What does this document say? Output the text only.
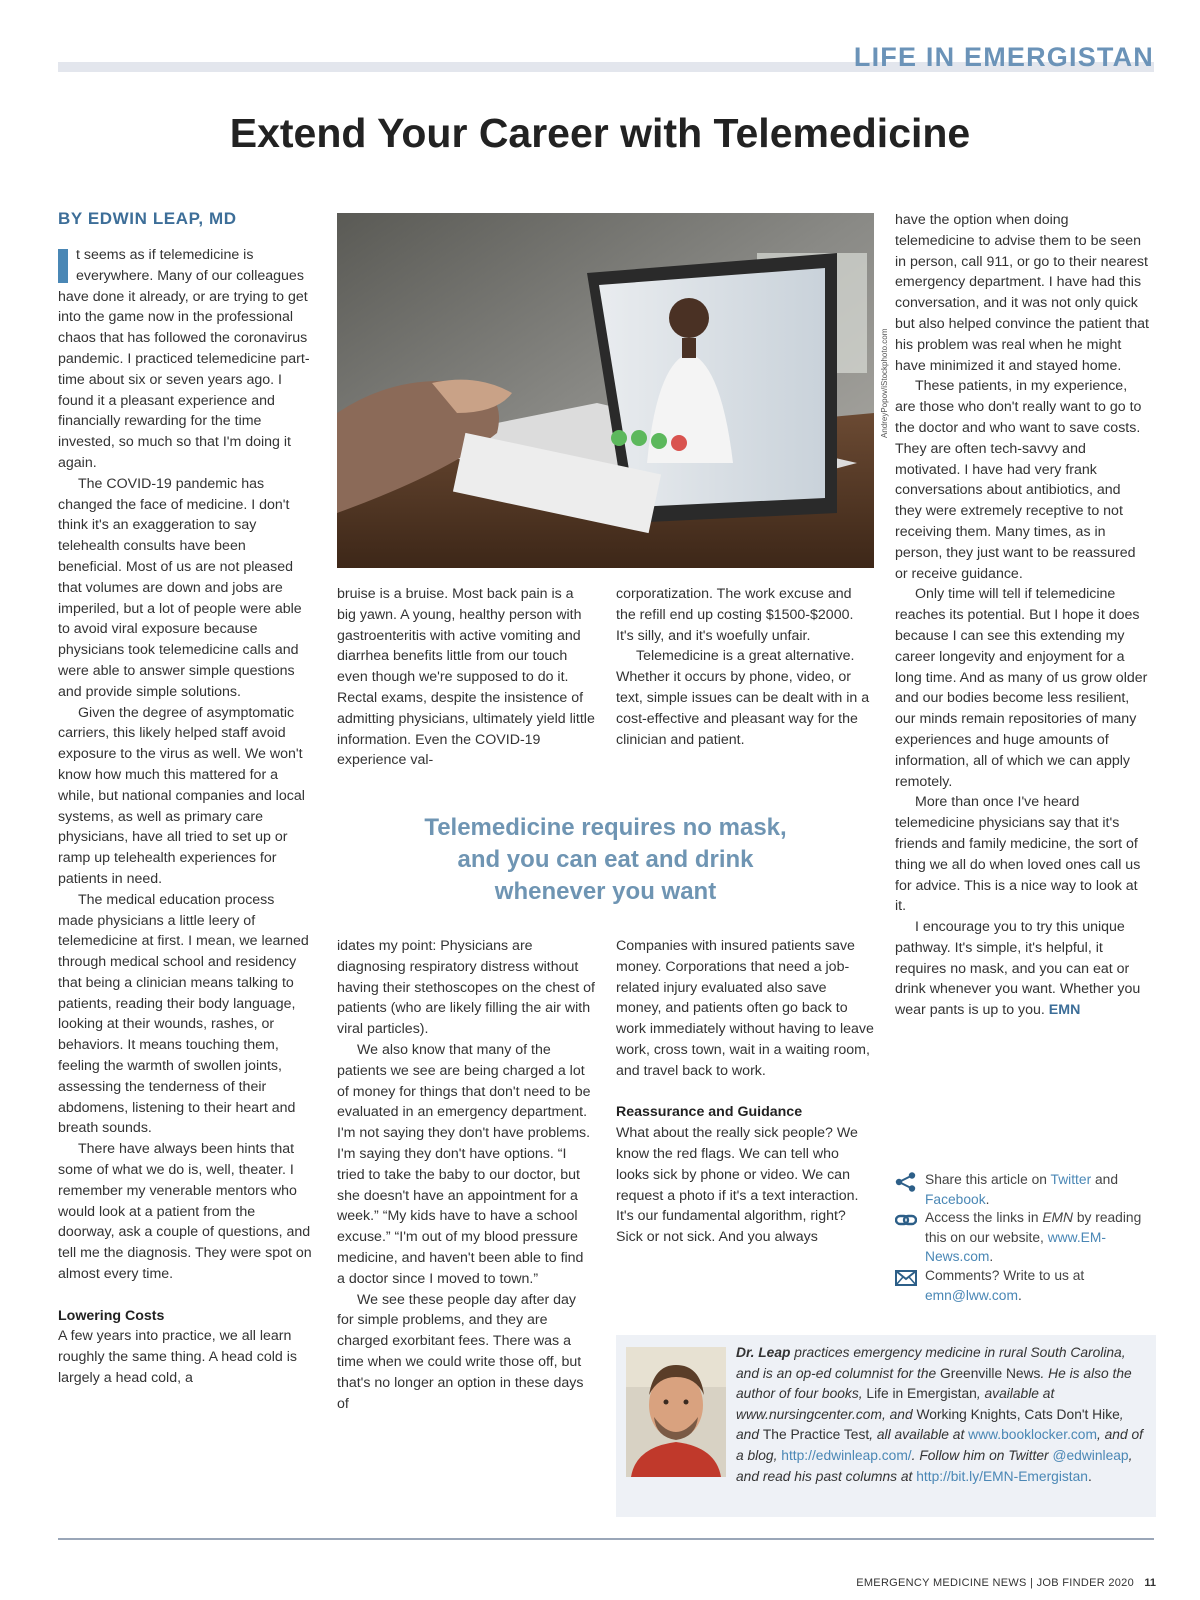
LIFE IN EMERGISTAN
Extend Your Career with Telemedicine
BY EDWIN LEAP, MD

t seems as if telemedicine is everywhere. Many of our colleagues have done it already, or are trying to get into the game now in the professional chaos that has followed the coronavirus pandemic. I practiced telemedicine part-time about six or seven years ago. I found it a pleasant experience and financially rewarding for the time invested, so much so that I'm doing it again.

The COVID-19 pandemic has changed the face of medicine. I don't think it's an exaggeration to say telehealth consults have been beneficial. Most of us are not pleased that volumes are down and jobs are imperiled, but a lot of people were able to avoid viral exposure because physicians took telemedicine calls and were able to answer simple questions and provide simple solutions.

Given the degree of asymptomatic carriers, this likely helped staff avoid exposure to the virus as well. We won't know how much this mattered for a while, but national companies and local systems, as well as primary care physicians, have all tried to set up or ramp up telehealth experiences for patients in need.

The medical education process made physicians a little leery of telemedicine at first. I mean, we learned through medical school and residency that being a clinician means talking to patients, reading their body language, looking at their wounds, rashes, or behaviors. It means touching them, feeling the warmth of swollen joints, assessing the tenderness of their abdomens, listening to their heart and breath sounds.

There have always been hints that some of what we do is, well, theater. I remember my venerable mentors who would look at a patient from the doorway, ask a couple of questions, and tell me the diagnosis. They were spot on almost every time.

Lowering Costs

A few years into practice, we all learn roughly the same thing. A head cold is largely a head cold, a

AndreyPopov/iStockphoto.com

bruise is a bruise. Most back pain is a big yawn. A young, healthy person with gastroenteritis with active vomiting and diarrhea benefits little from our touch even though we're supposed to do it. Rectal exams, despite the insistence of admitting physicians, ultimately yield little information. Even the COVID-19 experience val-

corporatization. The work excuse and the refill end up costing $1500-$2000. It's silly, and it's woefully unfair.

Telemedicine is a great alternative. Whether it occurs by phone, video, or text, simple issues can be dealt with in a cost-effective and pleasant way for the clinician and patient.

Telemedicine requires no mask,
and you can eat and drink
whenever you want

idates my point: Physicians are diagnosing respiratory distress without having their stethoscopes on the chest of patients (who are likely filling the air with viral particles).

We also know that many of the patients we see are being charged a lot of money for things that don't need to be evaluated in an emergency department. I'm not saying they don't have problems. I'm saying they don't have options. “I tried to take the baby to our doctor, but she doesn't have an appointment for a week.” “My kids have to have a school excuse.” “I'm out of my blood pressure medicine, and haven't been able to find a doctor since I moved to town.”

We see these people day after day for simple problems, and they are charged exorbitant fees. There was a time when we could write those off, but that's no longer an option in these days of

Companies with insured patients save money. Corporations that need a job-related injury evaluated also save money, and patients often go back to work immediately without having to leave work, cross town, wait in a waiting room, and travel back to work.

Reassurance and Guidance

What about the really sick people? We know the red flags. We can tell who looks sick by phone or video. We can request a photo if it's a text interaction. It's our fundamental algorithm, right? Sick or not sick. And you always

have the option when doing telemedicine to advise them to be seen in person, call 911, or go to their nearest emergency department. I have had this conversation, and it was not only quick but also helped convince the patient that his problem was real when he might have minimized it and stayed home.

These patients, in my experience, are those who don't really want to go to the doctor and who want to save costs. They are often tech-savvy and motivated. I have had very frank conversations about antibiotics, and they were extremely receptive to not receiving them. Many times, as in person, they just want to be reassured or receive guidance.

Only time will tell if telemedicine reaches its potential. But I hope it does because I can see this extending my career longevity and enjoyment for a long time. And as many of us grow older and our bodies become less resilient, our minds remain repositories of many experiences and huge amounts of information, all of which we can apply remotely.

More than once I've heard telemedicine physicians say that it's friends and family medicine, the sort of thing we all do when loved ones call us for advice. This is a nice way to look at it.

I encourage you to try this unique pathway. It's simple, it's helpful, it requires no mask, and you can eat or drink whenever you want. Whether you wear pants is up to you. EMN

Share this article on Twitter and Facebook.
Access the links in EMN by reading this on our website, www.EM-News.com.
Comments? Write to us at emn@lww.com.
Dr. Leap practices emergency medicine in rural South Carolina, and is an op-ed columnist for the Greenville News. He is also the author of four books, Life in Emergistan, available at www.nursingcenter.com, and Working Knights, Cats Don't Hike, and The Practice Test, all available at www.booklocker.com, and of a blog, http://edwinleap.com/. Follow him on Twitter @edwinleap, and read his past columns at http://bit.ly/EMN-Emergistan.
EMERGENCY MEDICINE NEWS | JOB FINDER 2020 11
